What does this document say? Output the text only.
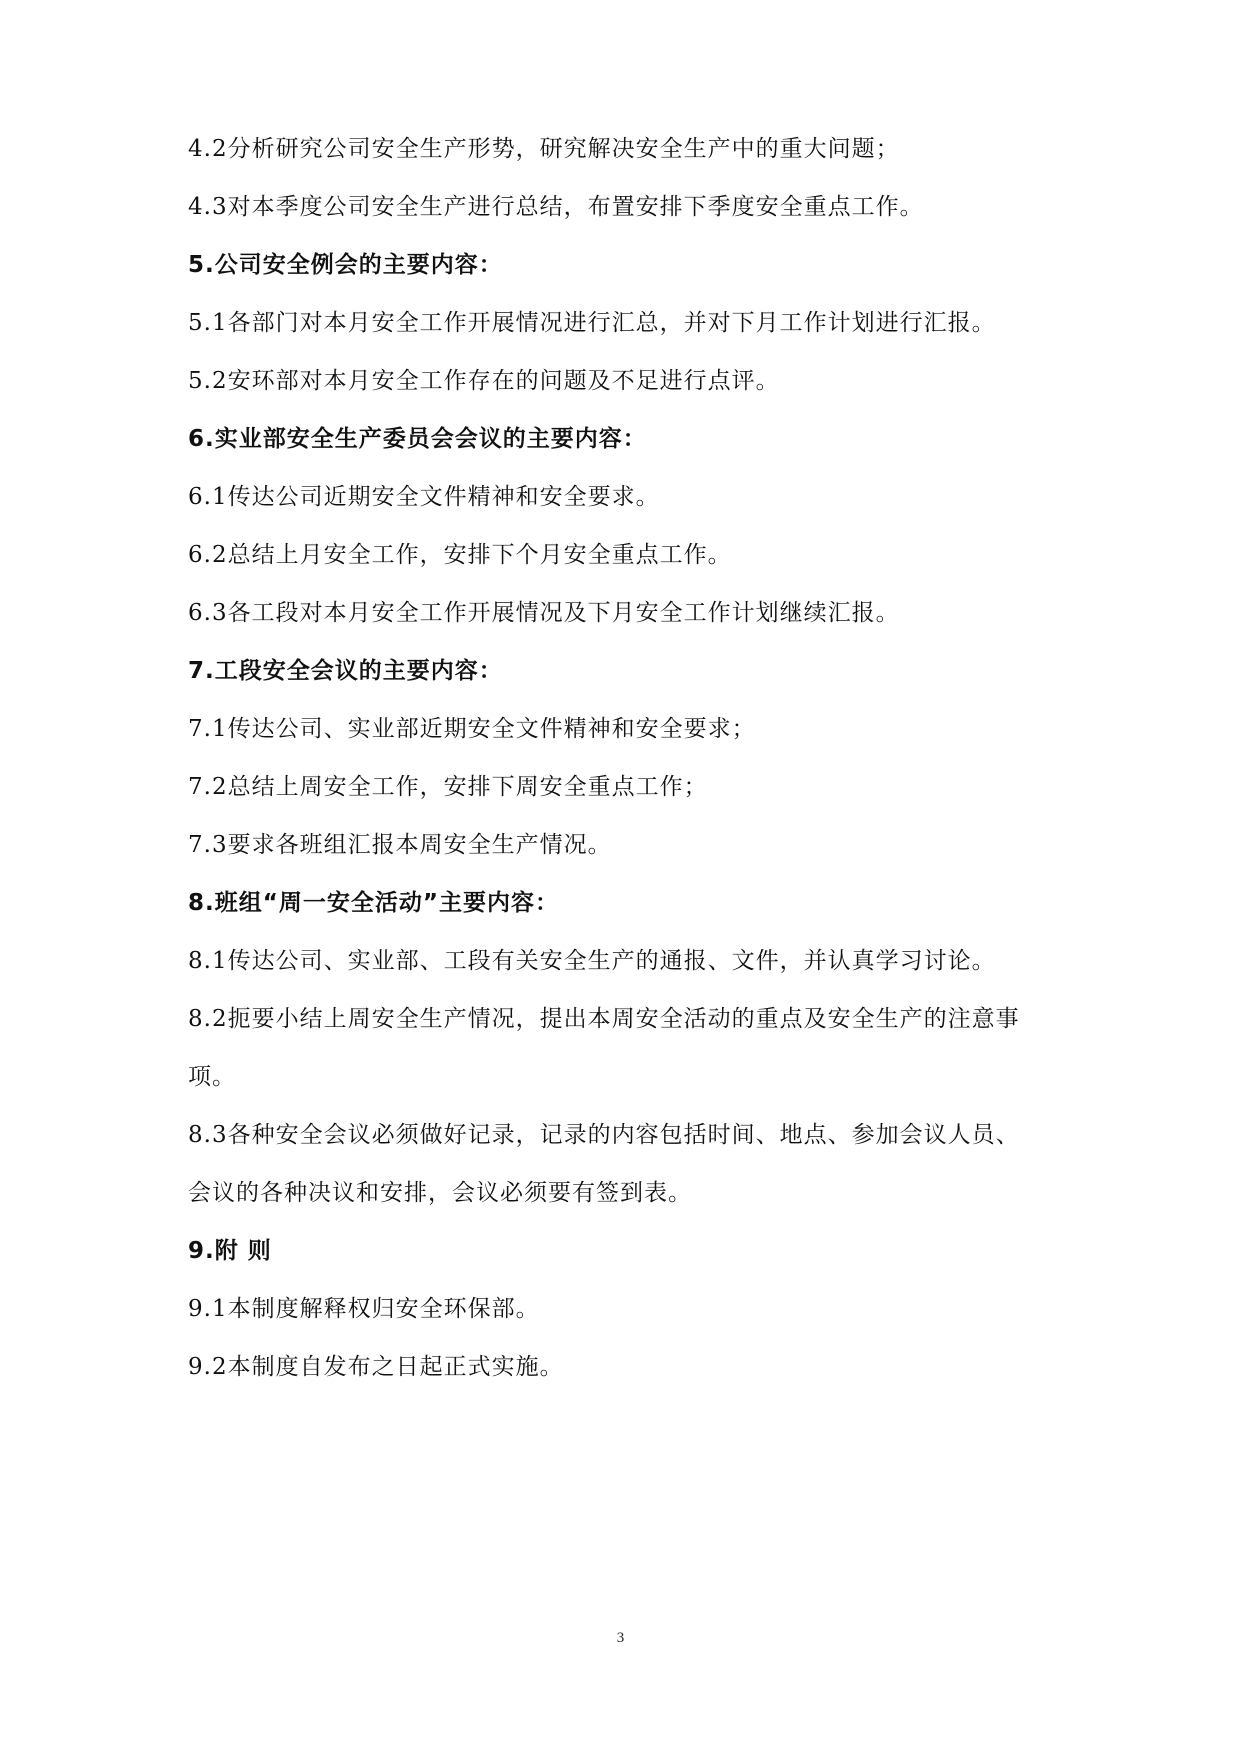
4.2分析研究公司安全生产形势，研究解决安全生产中的重大问题；
4.3对本季度公司安全生产进行总结，布置安排下季度安全重点工作。
5.公司安全例会的主要内容：
5.1各部门对本月安全工作开展情况进行汇总，并对下月工作计划进行汇报。
5.2安环部对本月安全工作存在的问题及不足进行点评。
6.实业部安全生产委员会会议的主要内容：
6.1传达公司近期安全文件精神和安全要求。
6.2总结上月安全工作，安排下个月安全重点工作。
6.3各工段对本月安全工作开展情况及下月安全工作计划继续汇报。
7.工段安全会议的主要内容：
7.1传达公司、实业部近期安全文件精神和安全要求；
7.2总结上周安全工作，安排下周安全重点工作；
7.3要求各班组汇报本周安全生产情况。
8.班组“周一安全活动”主要内容：
8.1传达公司、实业部、工段有关安全生产的通报、文件，并认真学习讨论。
8.2扼要小结上周安全生产情况，提出本周安全活动的重点及安全生产的注意事
项。
8.3各种安全会议必须做好记录，记录的内容包括时间、地点、参加会议人员、
会议的各种决议和安排，会议必须要有签到表。
9.附 则
9.1本制度解释权归安全环保部。
9.2本制度自发布之日起正式实施。
3
